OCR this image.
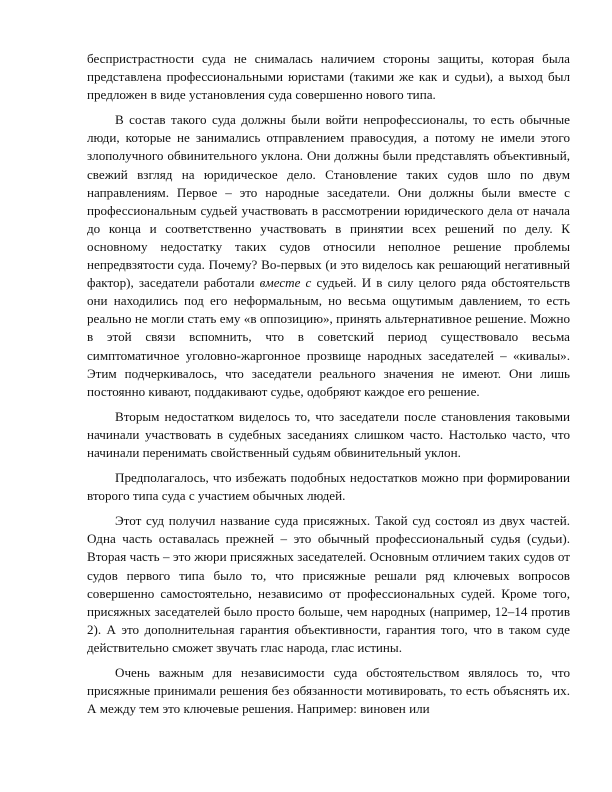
беспристрастности суда не снималась наличием стороны защиты, которая была представлена профессиональными юристами (такими же как и судьи), а выход был предложен в виде установления суда совершенно нового типа.

В состав такого суда должны были войти непрофессионалы, то есть обычные люди, которые не занимались отправлением правосудия, а потому не имели этого злополучного обвинительного уклона. Они должны были представлять объективный, свежий взгляд на юридическое дело. Становление таких судов шло по двум направлениям. Первое – это народные заседатели. Они должны были вместе с профессиональным судьей участвовать в рассмотрении юридического дела от начала до конца и соответственно участвовать в принятии всех решений по делу. К основному недостатку таких судов относили неполное решение проблемы непредвзятости суда. Почему? Во-первых (и это виделось как решающий негативный фактор), заседатели работали вместе с судьей. И в силу целого ряда обстоятельств они находились под его неформальным, но весьма ощутимым давлением, то есть реально не могли стать ему «в оппозицию», принять альтернативное решение. Можно в этой связи вспомнить, что в советский период существовало весьма симптоматичное уголовно-жаргонное прозвище народных заседателей – «кивалы». Этим подчеркивалось, что заседатели реального значения не имеют. Они лишь постоянно кивают, поддакивают судье, одобряют каждое его решение.

Вторым недостатком виделось то, что заседатели после становления таковыми начинали участвовать в судебных заседаниях слишком часто. Настолько часто, что начинали перенимать свойственный судьям обвинительный уклон.

Предполагалось, что избежать подобных недостатков можно при формировании второго типа суда с участием обычных людей.

Этот суд получил название суда присяжных. Такой суд состоял из двух частей. Одна часть оставалась прежней – это обычный профессиональный судья (судьи). Вторая часть – это жюри присяжных заседателей. Основным отличием таких судов от судов первого типа было то, что присяжные решали ряд ключевых вопросов совершенно самостоятельно, независимо от профессиональных судей. Кроме того, присяжных заседателей было просто больше, чем народных (например, 12–14 против 2). А это дополнительная гарантия объективности, гарантия того, что в таком суде действительно сможет звучать глас народа, глас истины.

Очень важным для независимости суда обстоятельством являлось то, что присяжные принимали решения без обязанности мотивировать, то есть объяснять их. А между тем это ключевые решения. Например: виновен или
